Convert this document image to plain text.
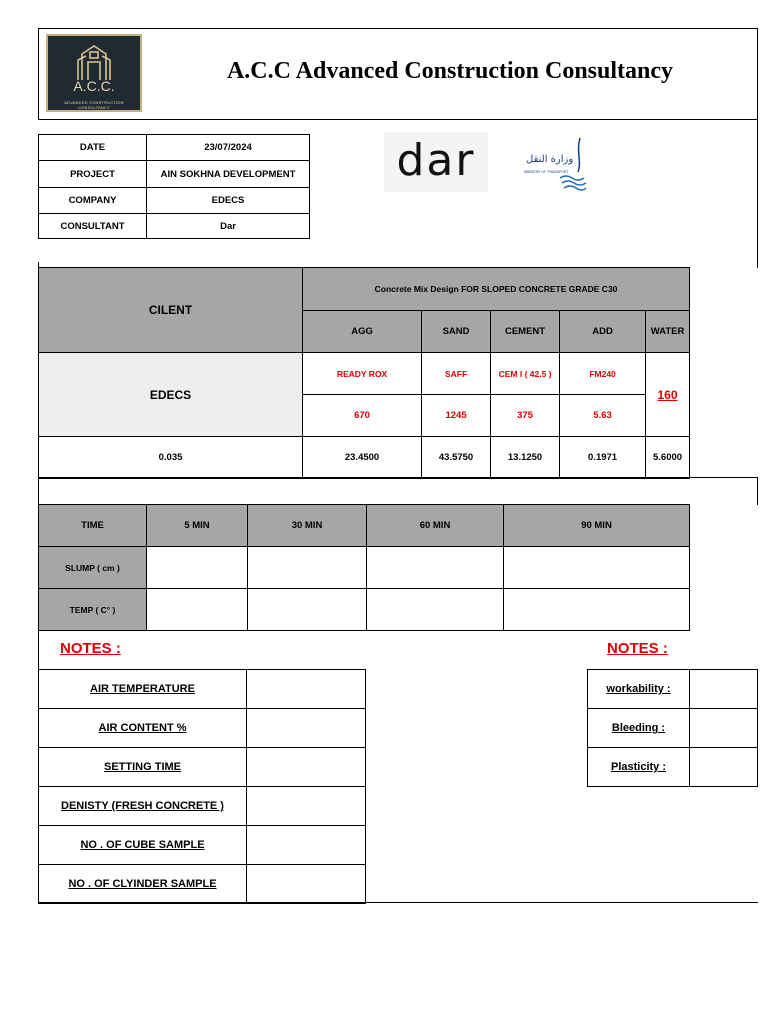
A.C.C.
ADVANCED CONSTRUCTION CONSULTANCY
A.C.C Advanced Construction Consultancy
DATE	23/07/2024
PROJECT	AIN SOKHNA DEVELOPMENT
COMPANY	EDECS
CONSULTANT	Dar
dar	وزارة النقل
MINISTRY OF TRANSPORT
CILENT	Concrete Mix Design FOR SLOPED CONCRETE GRADE C30				
	AGG	SAND	CEMENT	ADD	WATER
EDECS	READY ROX	SAFF	CEM I ( 42.5 )	FM240	160
	670	1245	375	5.63	
0.035	23.4500	43.5750	13.1250	0.1971	5.6000
TIME	5 MIN	30 MIN	60 MIN	90 MIN
SLUMP ( cm )				
TEMP ( C° )				
NOTES :	NOTES :
AIR TEMPERATURE	
AIR CONTENT %	
SETTING TIME	
DENISTY (FRESH CONCRETE )	
NO . OF CUBE SAMPLE	
NO . OF CLYINDER SAMPLE	
workability :	
Bleeding :	
Plasticity :	
